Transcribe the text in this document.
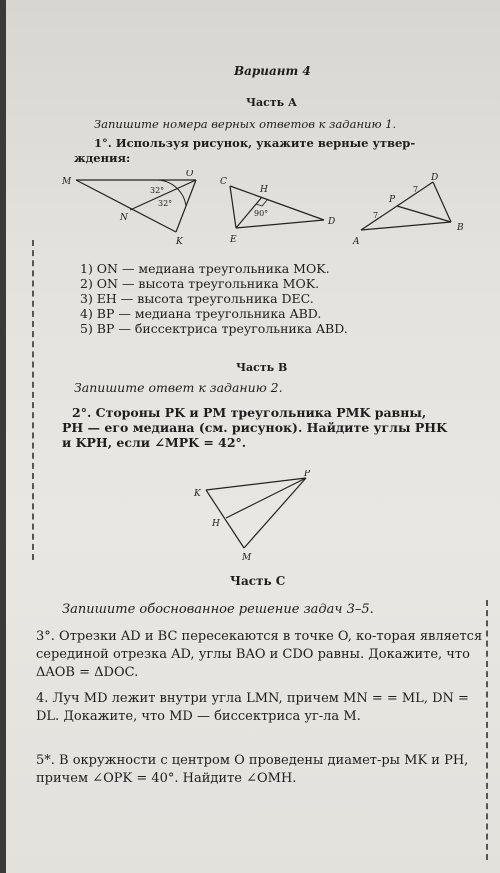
Вариант 4
Часть А
Запишите номера верных ответов к заданию 1.
1°. Используя рисунок, укажите верные утвер-
ждения:
M
O
N
K
32°
32°
C
H
D
E
90°
D
P
B
A
7
7
1) ON — медиана треугольника MOK.
2) ON — высота треугольника MOK.
3) EH — высота треугольника DEC.
4) BP — медиана треугольника ABD.
5) BP — биссектриса треугольника ABD.
Часть В
Запишите ответ к заданию 2.
2°. Стороны PK и PM треугольника PMK равны,
PH — его медиана (см. рисунок). Найдите углы PHK
и KPH, если ∠MPK = 42°.
P
K
H
M
Часть С
Запишите обоснованное решение задач 3–5.
3°. Отрезки AD и BC пересекаются в точке O, ко-торая является серединой отрезка AD, углы BAO и CDO равны. Докажите, что ΔAOB = ΔDOC.
4. Луч MD лежит внутри угла LMN, причем MN = = ML, DN = DL. Докажите, что MD — биссектриса уг-ла M.
5*. В окружности с центром O проведены диамет-ры MK и PH, причем ∠OPK = 40°. Найдите ∠OMH.
